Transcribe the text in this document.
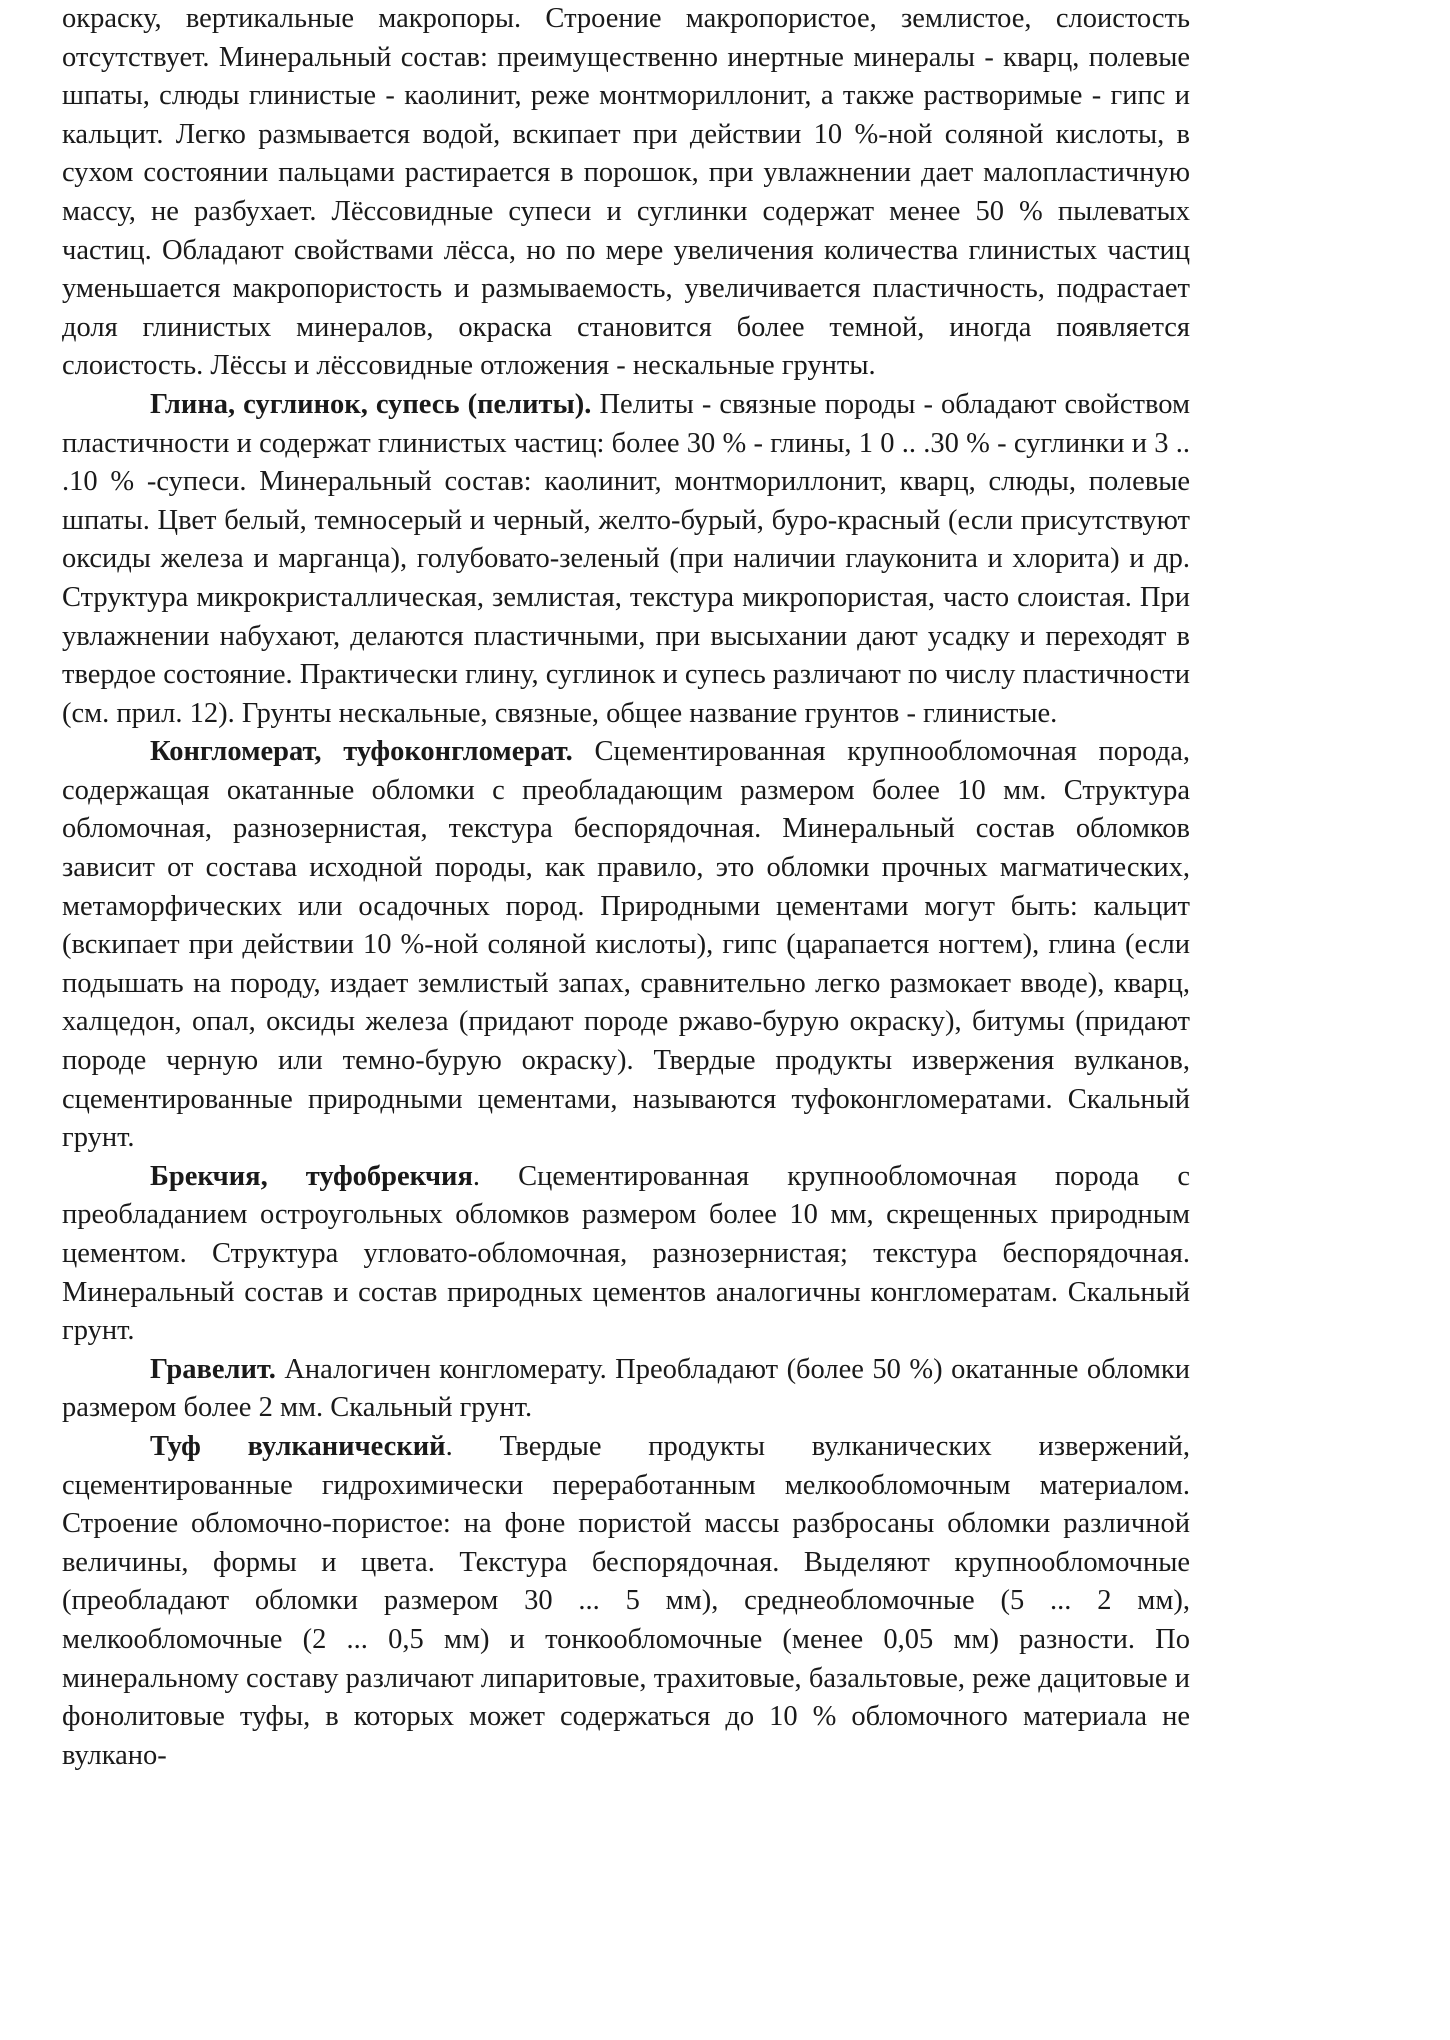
окраску, вертикальные макропоры. Строение макропористое, землистое, слоистость отсутствует. Минеральный состав: преимущественно инертные минералы - кварц, полевые шпаты, слюды глинистые - каолинит, реже монтмориллонит, а также растворимые - гипс и кальцит. Легко размывается водой, вскипает при действии 10 %-ной соляной кислоты, в сухом состоянии пальцами растирается в порошок, при увлажнении дает малопластичную массу, не разбухает. Лёссовидные супеси и суглинки содержат менее 50 % пылеватых частиц. Обладают свойствами лёсса, но по мере увеличения количества глинистых частиц уменьшается макропористость и размываемость, увеличивается пластичность, подрастает доля глинистых минералов, окраска становится более темной, иногда появляется слоистость. Лёссы и лёссовидные отложения - нескальные грунты.

Глина, суглинок, супесь (пелиты). Пелиты - связные породы - обладают свойством пластичности и содержат глинистых частиц: более 30 % - глины, 1 0 .. .30 % - суглинки и 3 .. .10 % -супеси. Минеральный состав: каолинит, монтмориллонит, кварц, слюды, полевые шпаты. Цвет белый, темносерый и черный, желто-бурый, буро-красный (если присутствуют оксиды железа и марганца), голубовато-зеленый (при наличии глауконита и хлорита) и др. Структура микрокристаллическая, землистая, текстура микропористая, часто слоистая. При увлажнении набухают, делаются пластичными, при высыхании дают усадку и переходят в твердое состояние. Практически глину, суглинок и супесь различают по числу пластичности (см. прил. 12). Грунты нескальные, связные, общее название грунтов - глинистые.

Конгломерат, туфоконгломерат. Сцементированная крупнообломочная порода, содержащая окатанные обломки с преобладающим размером более 10 мм. Структура обломочная, разнозернистая, текстура беспорядочная. Минеральный состав обломков зависит от состава исходной породы, как правило, это обломки прочных магматических, метаморфических или осадочных пород. Природными цементами могут быть: кальцит (вскипает при действии 10 %-ной соляной кислоты), гипс (царапается ногтем), глина (если подышать на породу, издает землистый запах, сравнительно легко размокает вводе), кварц, халцедон, опал, оксиды железа (придают породе ржаво-бурую окраску), битумы (придают породе черную или темно-бурую окраску). Твердые продукты извержения вулканов, сцементированные природными цементами, называются туфоконгломератами. Скальный грунт.

Брекчия, туфобрекчия. Сцементированная крупнообломочная порода с преобладанием остроугольных обломков размером более 10 мм, скрещенных природным цементом. Структура угловато-обломочная, разнозернистая; текстура беспорядочная. Минеральный состав и состав природных цементов аналогичны конгломератам. Скальный грунт.

Гравелит. Аналогичен конгломерату. Преобладают (более 50 %) окатанные обломки размером более 2 мм. Скальный грунт.

Туф вулканический. Твердые продукты вулканических извержений, сцементированные гидрохимически переработанным мелкообломочным материалом. Строение обломочно-пористое: на фоне пористой массы разбросаны обломки различной величины, формы и цвета. Текстура беспорядочная. Выделяют крупнообломочные (преобладают обломки размером 30 ... 5 мм), среднеобломочные (5 ... 2 мм), мелкообломочные (2 ... 0,5 мм) и тонкообломочные (менее 0,05 мм) разности. По минеральному составу различают липаритовые, трахитовые, базальтовые, реже дацитовые и фонолитовые туфы, в которых может содержаться до 10 % обломочного материала не вулкано-
